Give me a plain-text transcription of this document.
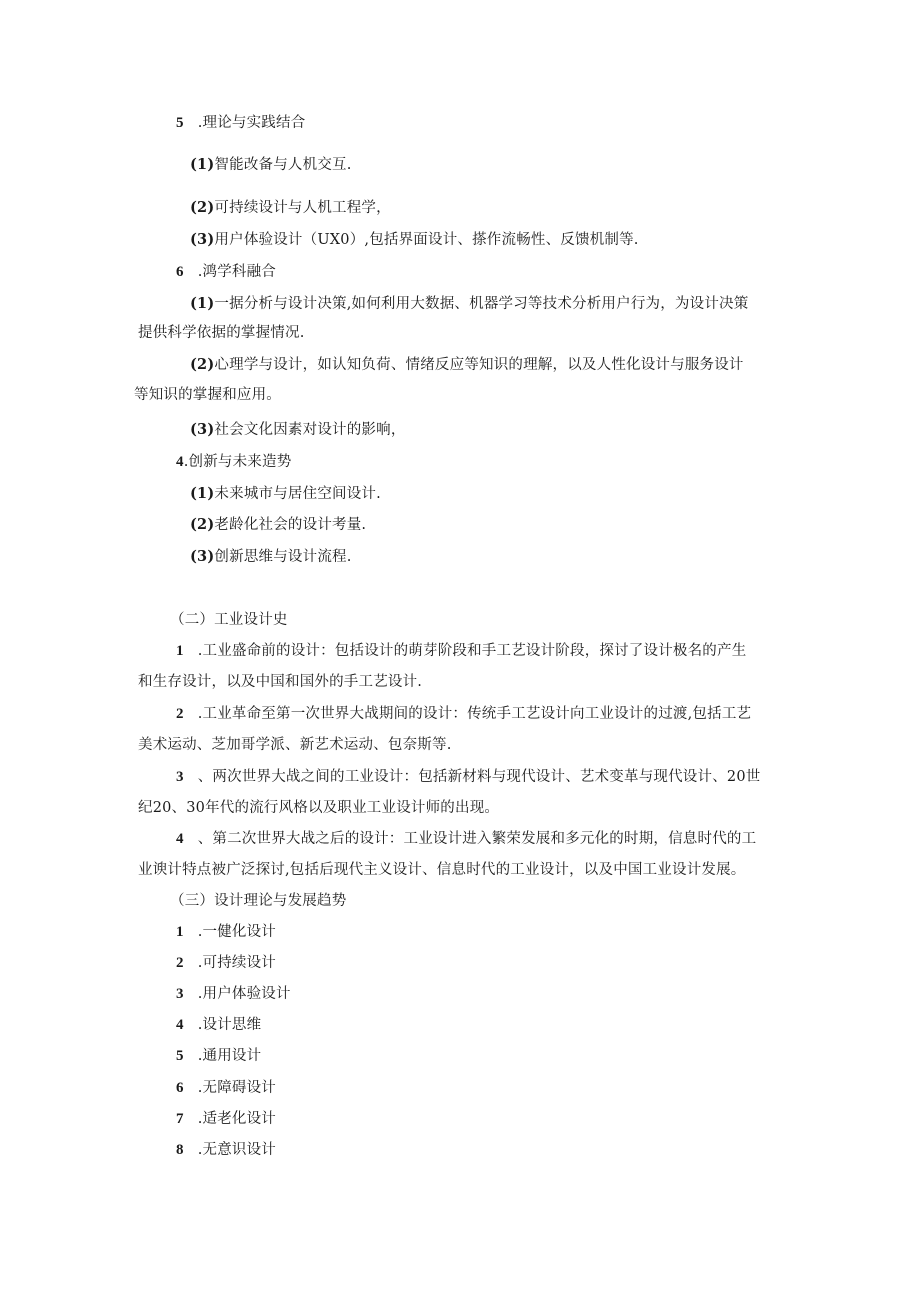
5 .理论与实践结合
(1)智能改备与人机交互.
(2)可持续设计与人机工程学，
(3)用户体验设计（UX0）,包括界面设计、搽作流畅性、反馈机制等.
6 .鸿学科融合
(1)一据分析与设计决策,如何利用大数据、机器学习等技术分析用户行为，为设计决策
提供科学依据的掌握情况.
(2)心理学与设计，如认知负荷、情绪反应等知识的理解，以及人性化设计与服务设计
等知识的掌握和应用。
(3)社会文化因素对设计的影响，
4.创新与未来造势
(1)未来城市与居住空间设计.
(2)老龄化社会的设计考量.
(3)创新思维与设计流程.
（二）工业设计史
1 .工业盛命前的设计：包括设计的萌芽阶段和手工艺设计阶段，探讨了设计极名的产生
和生存设计，以及中国和国外的手工艺设计.
2 .工业革命至第一次世界大战期间的设计：传统手工艺设计向工业设计的过渡,包括工艺
美术运动、芝加哥学派、新艺术运动、包奈斯等.
3 、两次世界大战之间的工业设计：包括新材料与现代设计、艺术变革与现代设计、20世
纪20、30年代的流行风格以及职业工业设计师的出现。
4 、第二次世界大战之后的设计：工业设计进入繁荣发展和多元化的时期，信息时代的工
业谀计特点被广泛探讨,包括后现代主义设计、信息时代的工业设计，以及中国工业设计发展。
（三）设计理论与发展趋势
1 .一健化设计
2 .可持续设计
3 .用户体验设计
4 .设计思维
5 .通用设计
6 .无障碍设计
7 .适老化设计
8 .无意识设计
